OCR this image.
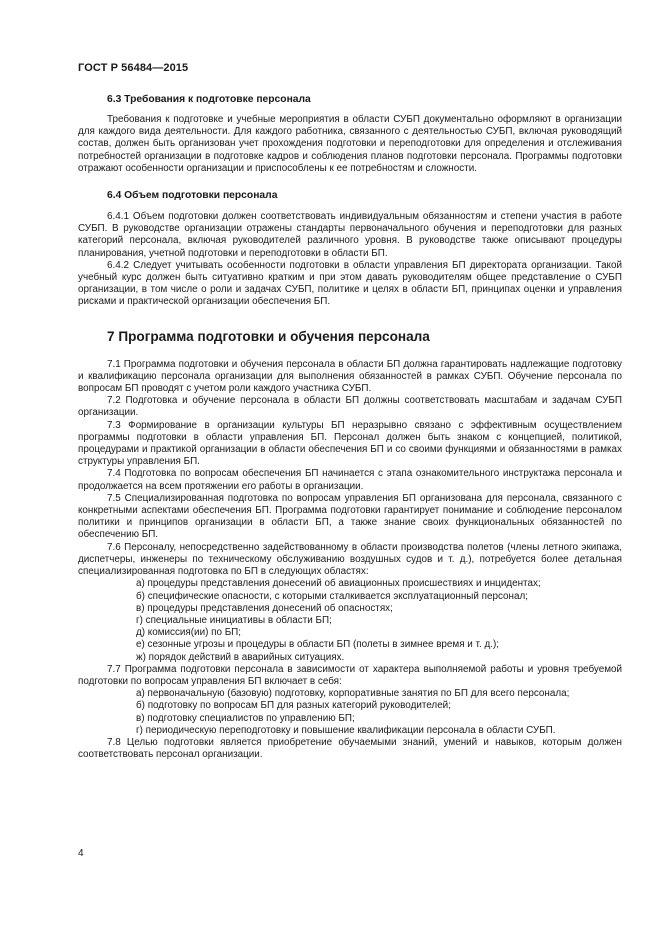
ГОСТ Р 56484—2015

6.3 Требования к подготовке персонала

Требования к подготовке и учебные мероприятия в области СУБП документально оформляют в организации для каждого вида деятельности. Для каждого работника, связанного с деятельностью СУБП, включая руководящий состав, должен быть организован учет прохождения подготовки и переподготовки для определения и отслеживания потребностей организации в подготовке кадров и соблюдения планов подготовки персонала. Программы подготовки отражают особенности организации и приспособлены к ее потребностям и сложности.

6.4 Объем подготовки персонала

6.4.1 Объем подготовки должен соответствовать индивидуальным обязанностям и степени участия в работе СУБП. В руководстве организации отражены стандарты первоначального обучения и переподготовки для разных категорий персонала, включая руководителей различного уровня. В руководстве также описывают процедуры планирования, учетной подготовки и переподготовки в области БП.

6.4.2 Следует учитывать особенности подготовки в области управления БП директората организации. Такой учебный курс должен быть ситуативно кратким и при этом давать руководителям общее представление о СУБП организации, в том числе о роли и задачах СУБП, политике и целях в области БП, принципах оценки и управления рисками и практической организации обеспечения БП.

7 Программа подготовки и обучения персонала

7.1 Программа подготовки и обучения персонала в области БП должна гарантировать надлежащие подготовку и квалификацию персонала организации для выполнения обязанностей в рамках СУБП. Обучение персонала по вопросам БП проводят с учетом роли каждого участника СУБП.

7.2 Подготовка и обучение персонала в области БП должны соответствовать масштабам и задачам СУБП организации.

7.3 Формирование в организации культуры БП неразрывно связано с эффективным осуществлением программы подготовки в области управления БП. Персонал должен быть знаком с концепцией, политикой, процедурами и практикой организации в области обеспечения БП и со своими функциями и обязанностями в рамках структуры управления БП.

7.4 Подготовка по вопросам обеспечения БП начинается с этапа ознакомительного инструктажа персонала и продолжается на всем протяжении его работы в организации.

7.5 Специализированная подготовка по вопросам управления БП организована для персонала, связанного с конкретными аспектами обеспечения БП. Программа подготовки гарантирует понимание и соблюдение персоналом политики и принципов организации в области БП, а также знание своих функциональных обязанностей по обеспечению БП.

7.6 Персоналу, непосредственно задействованному в области производства полетов (члены летного экипажа, диспетчеры, инженеры по техническому обслуживанию воздушных судов и т. д.), потребуется более детальная специализированная подготовка по БП в следующих областях:

а) процедуры представления донесений об авиационных происшествиях и инцидентах;

б) специфические опасности, с которыми сталкивается эксплуатационный персонал;

в) процедуры представления донесений об опасностях;

г) специальные инициативы в области БП;

д) комиссия(ии) по БП;

е) сезонные угрозы и процедуры в области БП (полеты в зимнее время и т. д.);

ж) порядок действий в аварийных ситуациях.

7.7 Программа подготовки персонала в зависимости от характера выполняемой работы и уровня требуемой подготовки по вопросам управления БП включает в себя:

а) первоначальную (базовую) подготовку, корпоративные занятия по БП для всего персонала;

б) подготовку по вопросам БП для разных категорий руководителей;

в) подготовку специалистов по управлению БП;

г) периодическую переподготовку и повышение квалификации персонала в области СУБП.

7.8 Целью подготовки является приобретение обучаемыми знаний, умений и навыков, которым должен соответствовать персонал организации.

4
